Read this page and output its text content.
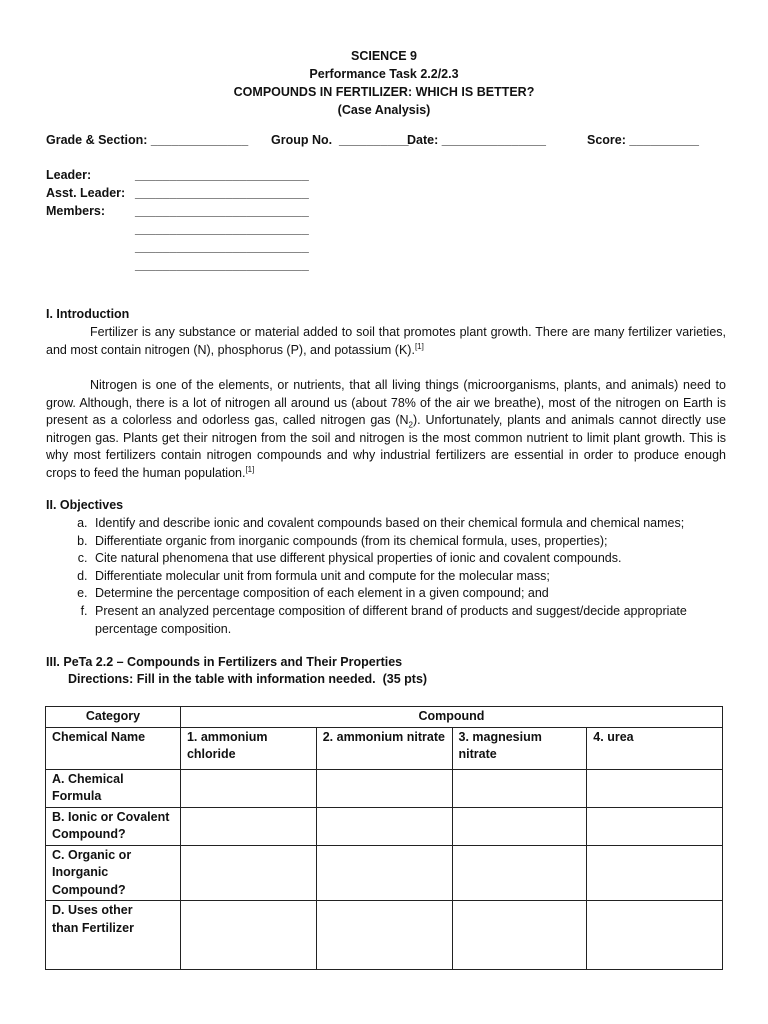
SCIENCE 9
Performance Task 2.2/2.3
COMPOUNDS IN FERTILIZER: WHICH IS BETTER?
(Case Analysis)
Grade & Section: ______________ Group No.  __________
Date: _______________	Score: __________
Leader:
Asst. Leader:
Members:
_________________________
_________________________
_________________________
_________________________
_________________________
_________________________
I. Introduction
Fertilizer is any substance or material added to soil that promotes plant growth. There are many fertilizer varieties, and most contain nitrogen (N), phosphorus (P), and potassium (K).[1]
Nitrogen is one of the elements, or nutrients, that all living things (microorganisms, plants, and animals) need to grow. Although, there is a lot of nitrogen all around us (about 78% of the air we breathe), most of the nitrogen on Earth is present as a colorless and odorless gas, called nitrogen gas $(N_2)$. Unfortunately, plants and animals cannot directly use nitrogen gas. Plants get their nitrogen from the soil and nitrogen is the most common nutrient to limit plant growth. This is why most fertilizers contain nitrogen compounds and why industrial fertilizers are essential in order to produce enough crops to feed the human population.[1]
II. Objectives
a. Identify and describe ionic and covalent compounds based on their chemical formula and chemical names;
b. Differentiate organic from inorganic compounds (from its chemical formula, uses, properties);
c. Cite natural phenomena that use different physical properties of ionic and covalent compounds.
d. Differentiate molecular unit from formula unit and compute for the molecular mass;
e. Determine the percentage composition of each element in a given compound; and
f. Present an analyzed percentage composition of different brand of products and suggest/decide appropriate percentage composition.
III. PeTa 2.2 – Compounds in Fertilizers and Their Properties
Directions: Fill in the table with information needed.  (35 pts)
Category	Compound			
Chemical Name	1. ammonium chloride	2. ammonium nitrate	3. magnesium nitrate	4. urea
A. Chemical Formula				
B. Ionic or Covalent Compound?				
C. Organic or Inorganic Compound?				
D. Uses other than Fertilizer				
